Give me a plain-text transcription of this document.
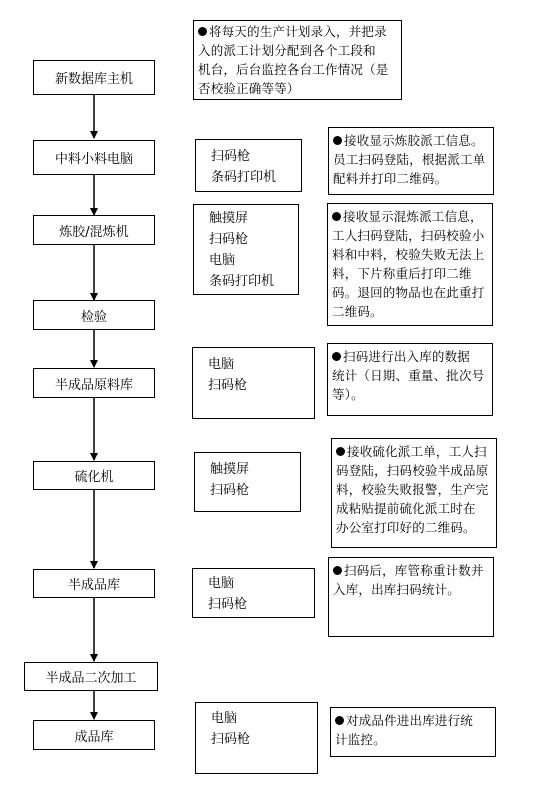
新数据库主机
中料小料电脑
炼胶/混炼机
检验
半成品原料库
硫化机
半成品库
半成品二次加工
成品库
扫码枪
条码打印机
触摸屏
扫码枪
电脑
条码打印机
电脑
扫码枪
触摸屏
扫码枪
电脑
扫码枪
电脑
扫码枪
将每天的生产计划录入，并把录
入的派工计划分配到各个工段和
机台，后台监控各台工作情况（是
否校验正确等等）
接收显示炼胶派工信息。
员工扫码登陆，根据派工单
配料并打印二维码。
接收显示混炼派工信息，
工人扫码登陆，扫码校验小
料和中料，校验失败无法上
料，下片称重后打印二维
码。退回的物品也在此重打
二维码。
扫码进行出入库的数据
统计（日期、重量、批次号
等）。
接收硫化派工单，工人扫
码登陆，扫码校验半成品原
料，校验失败报警，生产完
成粘贴提前硫化派工时在
办公室打印好的二维码。
扫码后，库管称重计数并
入库，出库扫码统计。
对成品件进出库进行统
计监控。
